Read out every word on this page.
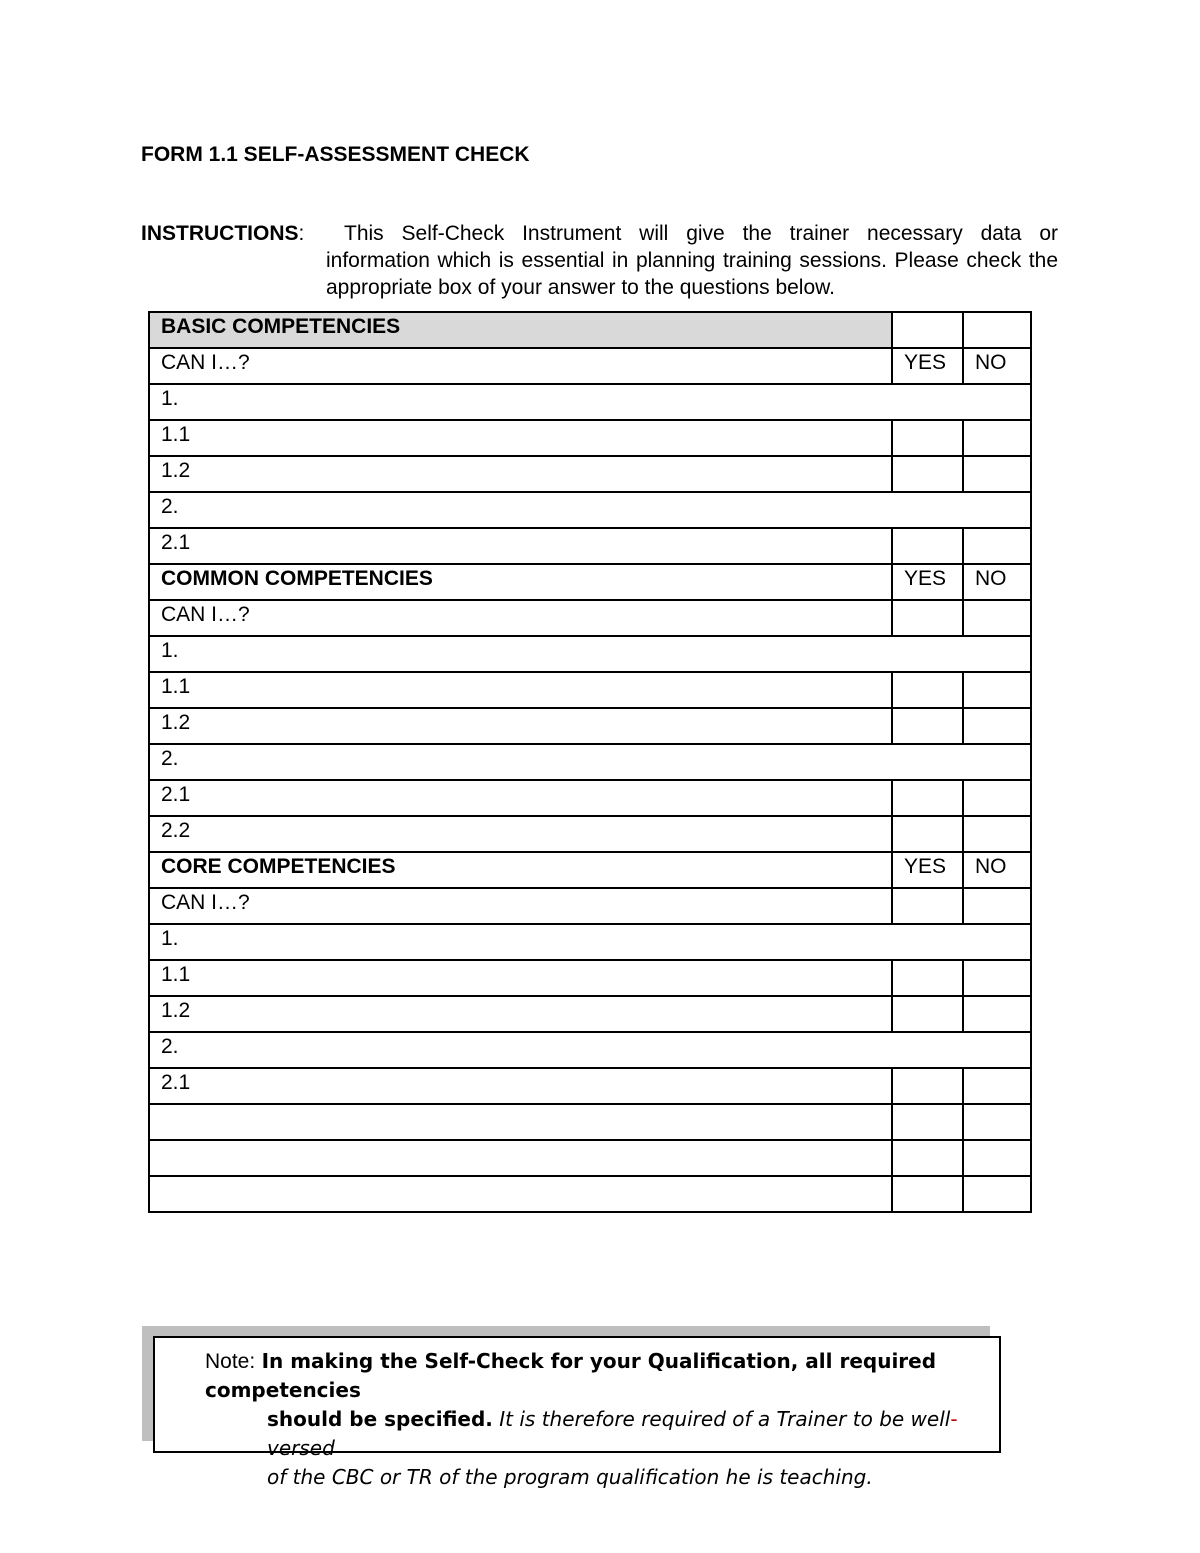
FORM 1.1 SELF-ASSESSMENT CHECK
INSTRUCTIONS:	This Self-Check Instrument will give the trainer necessary data or information which is essential in planning training sessions. Please check the appropriate box of your answer to the questions below.
BASIC COMPETENCIES		
CAN I…?	YES	NO
1.		
1.1		
1.2		
2.		
2.1		
COMMON COMPETENCIES	YES	NO
CAN I…?		
1.		
1.1		
1.2		
2.		
2.1		
2.2		
CORE COMPETENCIES	YES	NO
CAN I…?		
1.		
1.1		
1.2		
2.		
2.1		

Note: In making the Self-Check for your Qualification, all required competencies
should be specified. It is therefore required of a Trainer to be well- versed
of the CBC or TR of the program qualification he is teaching.
